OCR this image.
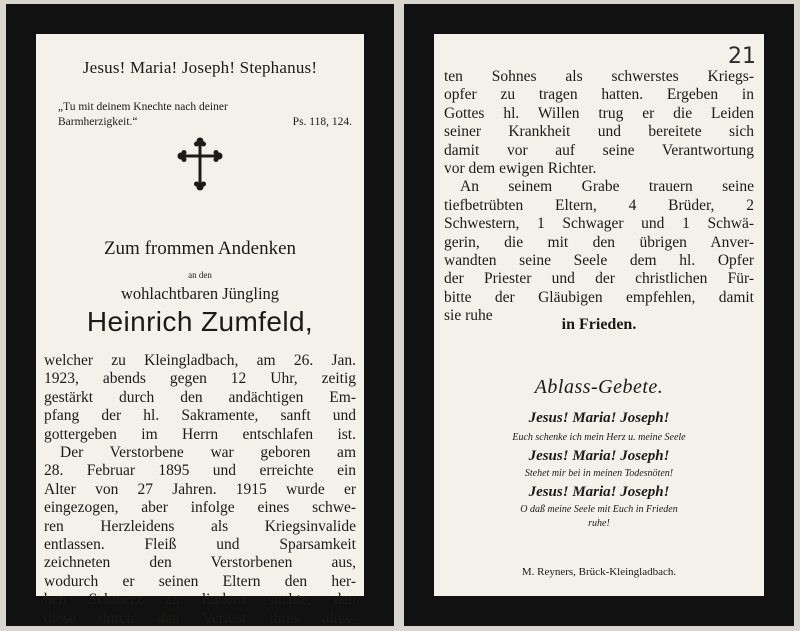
Jesus! Maria! Joseph! Stephanus!
„Tu mit deinem Knechte nach deiner
Barmherzigkeit.“	Ps. 118, 124.
Zum frommen Andenken
an den
wohlachtbaren Jüngling
Heinrich Zumfeld,
welcher zu Kleingladbach, am 26. Jan.
1923, abends gegen 12 Uhr, zeitig
gestärkt durch den andächtigen Em-
pfang der hl. Sakramente, sanft und
gottergeben im Herrn entschlafen ist.
Der Verstorbene war geboren am
28. Februar 1895 und erreichte ein
Alter von 27 Jahren. 1915 wurde er
eingezogen, aber infolge eines schwe-
ren Herzleidens als Kriegsinvalide
entlassen. Fleiß und Sparsamkeit
zeichneten den Verstorbenen aus,
wodurch er seinen Eltern den her-
ben Schmerz zu lindern suchte, den
diese durch den Verlust ihres ältes-
ten Sohnes als schwerstes Kriegs-
opfer zu tragen hatten. Ergeben in
Gottes hl. Willen trug er die Leiden
seiner Krankheit und bereitete sich
damit vor auf seine Verantwortung
vor dem ewigen Richter.
An seinem Grabe trauern seine
tiefbetrübten Eltern, 4 Brüder, 2
Schwestern, 1 Schwager und 1 Schwä-
gerin, die mit den übrigen Anver-
wandten seine Seele dem hl. Opfer
der Priester und der christlichen Für-
bitte der Gläubigen empfehlen, damit
sie ruhe
in Frieden.
Ablass-Gebete.
Jesus! Maria! Joseph!
Euch schenke ich mein Herz u. meine Seele
Jesus! Maria! Joseph!
Stehet mir bei in meinen Todesnöten!
Jesus! Maria! Joseph!
O daß meine Seele mit Euch in Frieden
ruhe!
M. Reyners, Brück-Kleingladbach.
21
